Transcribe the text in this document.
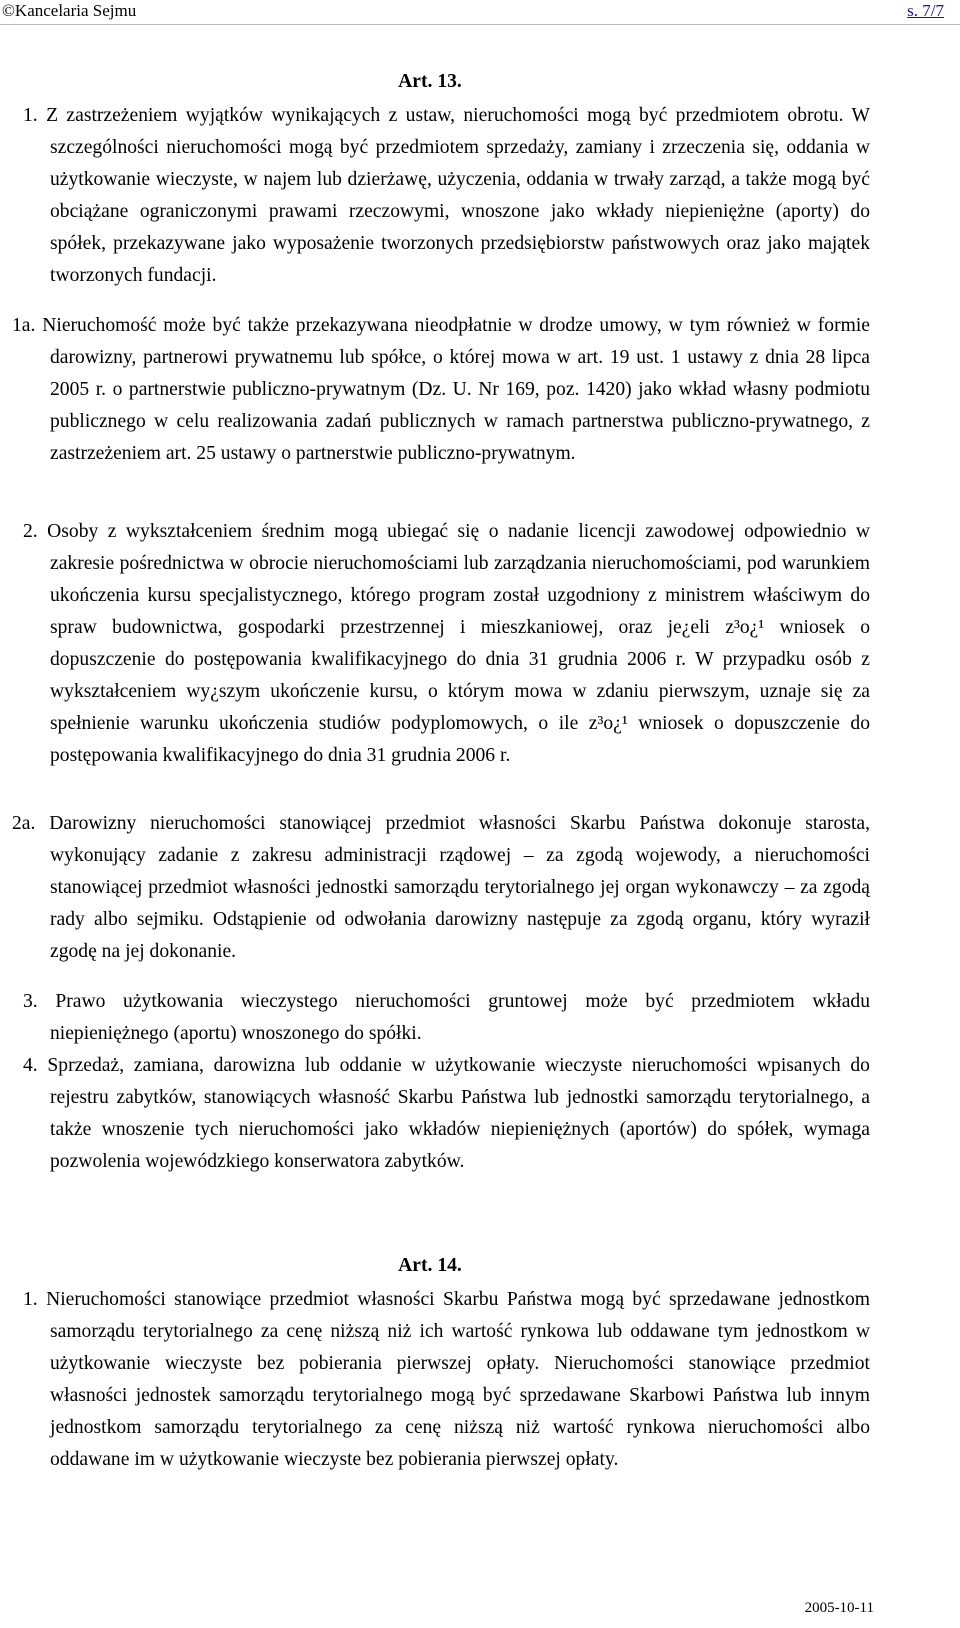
©Kancelaria Sejmu	s. 7/7
Art. 13.
1. Z zastrzeżeniem wyjątków wynikających z ustaw, nieruchomości mogą być przedmiotem obrotu. W szczególności nieruchomości mogą być przedmiotem sprzedaży, zamiany i zrzeczenia się, oddania w użytkowanie wieczyste, w najem lub dzierżawę, użyczenia, oddania w trwały zarząd, a także mogą być obciążane ograniczonymi prawami rzeczowymi, wnoszone jako wkłady niepieniężne (aporty) do spółek, przekazywane jako wyposażenie tworzonych przedsiębiorstw państwowych oraz jako majątek tworzonych fundacji.
1a. Nieruchomość może być także przekazywana nieodpłatnie w drodze umowy, w tym również w formie darowizny, partnerowi prywatnemu lub spółce, o której mowa w art. 19 ust. 1 ustawy z dnia 28 lipca 2005 r. o partnerstwie publiczno-prywatnym (Dz. U. Nr 169, poz. 1420) jako wkład własny podmiotu publicznego w celu realizowania zadań publicznych w ramach partnerstwa publiczno-prywatnego, z zastrzeżeniem art. 25 ustawy o partnerstwie publiczno-prywatnym.
2. Osoby z wykształceniem średnim mogą ubiegać się o nadanie licencji zawodowej odpowiednio w zakresie pośrednictwa w obrocie nieruchomościami lub zarządzania nieruchomościami, pod warunkiem ukończenia kursu specjalistycznego, którego program został uzgodniony z ministrem właściwym do spraw budownictwa, gospodarki przestrzennej i mieszkaniowej, oraz je¿eli z³o¿¹ wniosek o dopuszczenie do postępowania kwalifikacyjnego do dnia 31 grudnia 2006 r. W przypadku osób z wykształceniem wy¿szym ukończenie kursu, o którym mowa w zdaniu pierwszym, uznaje się za spełnienie warunku ukończenia studiów podyplomowych, o ile z³o¿¹ wniosek o dopuszczenie do postępowania kwalifikacyjnego do dnia 31 grudnia 2006 r.
2a. Darowizny nieruchomości stanowiącej przedmiot własności Skarbu Państwa dokonuje starosta, wykonujący zadanie z zakresu administracji rządowej – za zgodą wojewody, a nieruchomości stanowiącej przedmiot własności jednostki samorządu terytorialnego jej organ wykonawczy – za zgodą rady albo sejmiku. Odstąpienie od odwołania darowizny następuje za zgodą organu, który wyraził zgodę na jej dokonanie.
3. Prawo użytkowania wieczystego nieruchomości gruntowej może być przedmiotem wkładu niepieniężnego (aportu) wnoszonego do spółki.
4. Sprzedaż, zamiana, darowizna lub oddanie w użytkowanie wieczyste nieruchomości wpisanych do rejestru zabytków, stanowiących własność Skarbu Państwa lub jednostki samorządu terytorialnego, a także wnoszenie tych nieruchomości jako wkładów niepieniężnych (aportów) do spółek, wymaga pozwolenia wojewódzkiego konserwatora zabytków.
Art. 14.
1. Nieruchomości stanowiące przedmiot własności Skarbu Państwa mogą być sprzedawane jednostkom samorządu terytorialnego za cenę niższą niż ich wartość rynkowa lub oddawane tym jednostkom w użytkowanie wieczyste bez pobierania pierwszej opłaty. Nieruchomości stanowiące przedmiot własności jednostek samorządu terytorialnego mogą być sprzedawane Skarbowi Państwa lub innym jednostkom samorządu terytorialnego za cenę niższą niż wartość rynkowa nieruchomości albo oddawane im w użytkowanie wieczyste bez pobierania pierwszej opłaty.
2005-10-11
